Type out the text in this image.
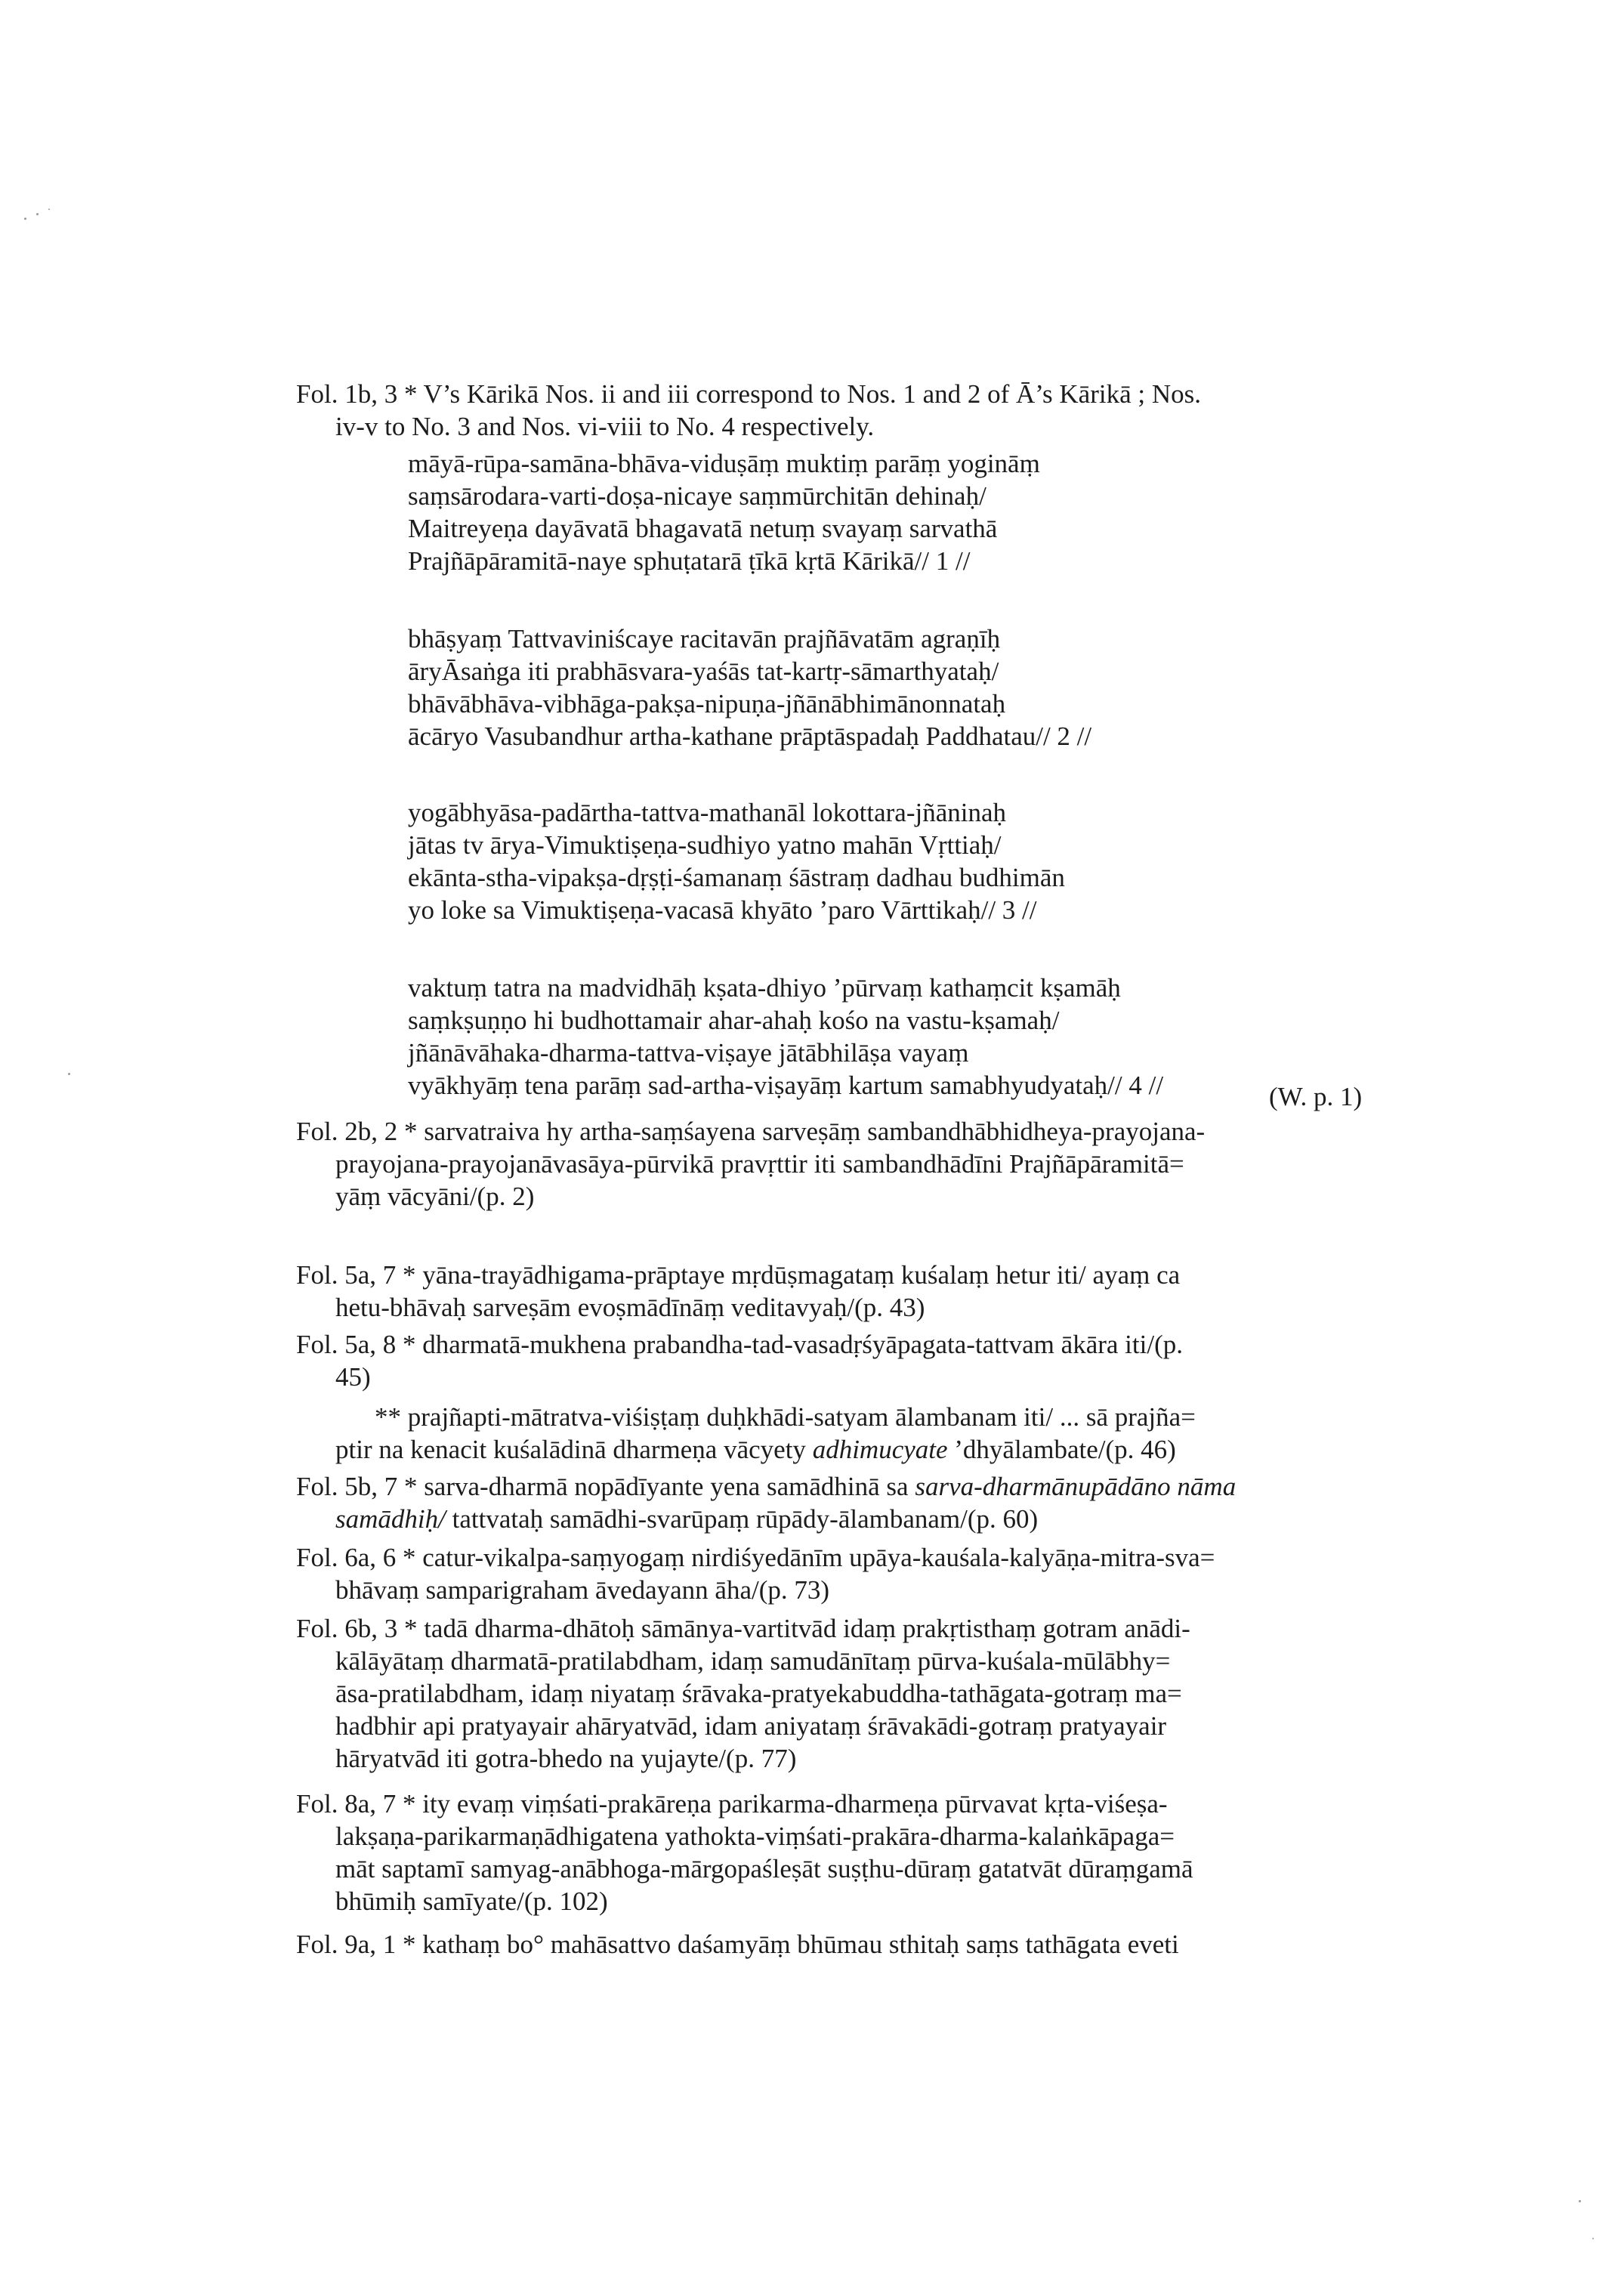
Fol. 1b, 3 * V’s Kārikā Nos. ii and iii correspond to Nos. 1 and 2 of Ā’s Kārikā ; Nos.
iv-v to No. 3 and Nos. vi-viii to No. 4 respectively.
māyā-rūpa-samāna-bhāva-viduṣāṃ muktiṃ parāṃ yogināṃ
saṃsārodara-varti-doṣa-nicaye saṃmūrchitān dehinaḥ/
Maitreyeṇa dayāvatā bhagavatā netuṃ svayaṃ sarvathā
Prajñāpāramitā-naye sphuṭatarā ṭīkā kṛtā Kārikā// 1 //
bhāṣyaṃ Tattvaviniścaye racitavān prajñāvatām agraṇīḥ
āryĀsaṅga iti prabhāsvara-yaśās tat-kartṛ-sāmarthyataḥ/
bhāvābhāva-vibhāga-pakṣa-nipuṇa-jñānābhimānonnataḥ
ācāryo Vasubandhur artha-kathane prāptāspadaḥ Paddhatau// 2 //
yogābhyāsa-padārtha-tattva-mathanāl lokottara-jñāninaḥ
jātas tv ārya-Vimuktiṣeṇa-sudhiyo yatno mahān Vṛttiaḥ/
ekānta-stha-vipakṣa-dṛṣṭi-śamanaṃ śāstraṃ dadhau budhimān
yo loke sa Vimuktiṣeṇa-vacasā khyāto ’paro Vārttikaḥ// 3 //
vaktuṃ tatra na madvidhāḥ kṣata-dhiyo ’pūrvaṃ kathaṃcit kṣamāḥ
saṃkṣuṇṇo hi budhottamair ahar-ahaḥ kośo na vastu-kṣamaḥ/
jñānāvāhaka-dharma-tattva-viṣaye jātābhilāṣa vayaṃ
vyākhyāṃ tena parāṃ sad-artha-viṣayāṃ kartum samabhyudyataḥ// 4 //	(W. p. 1)
Fol. 2b, 2 * sarvatraiva hy artha-saṃśayena sarveṣāṃ sambandhābhidheya-prayojana-
prayojana-prayojanāvasāya-pūrvikā pravṛttir iti sambandhādīni Prajñāpāramitā=
yāṃ vācyāni/(p. 2)
Fol. 5a, 7 * yāna-trayādhigama-prāptaye mṛdūṣmagataṃ kuśalaṃ hetur iti/ ayaṃ ca
hetu-bhāvaḥ sarveṣām evoṣmādīnāṃ veditavyaḥ/(p. 43)
Fol. 5a, 8 * dharmatā-mukhena prabandha-tad-vasadṛśyāpagata-tattvam ākāra iti/(p.
45)
** prajñapti-mātratva-viśiṣṭaṃ duḥkhādi-satyam ālambanam iti/ ... sā prajña=
ptir na kenacit kuśalādinā dharmeṇa vācyety adhimucyate ’dhyālambate/(p. 46)
Fol. 5b, 7 * sarva-dharmā nopādīyante yena samādhinā sa sarva-dharmānupādāno nāma
samādhiḥ/ tattvataḥ samādhi-svarūpaṃ rūpādy-ālambanam/(p. 60)
Fol. 6a, 6 * catur-vikalpa-saṃyogaṃ nirdiśyedānīm upāya-kauśala-kalyāṇa-mitra-sva=
bhāvaṃ samparigraham āvedayann āha/(p. 73)
Fol. 6b, 3 * tadā dharma-dhātoḥ sāmānya-vartitvād idaṃ prakṛtisthaṃ gotram anādi-
kālāyātaṃ dharmatā-pratilabdham, idaṃ samudānītaṃ pūrva-kuśala-mūlābhy=
āsa-pratilabdham, idaṃ niyataṃ śrāvaka-pratyekabuddha-tathāgata-gotraṃ ma=
hadbhir api pratyayair ahāryatvād, idam aniyataṃ śrāvakādi-gotraṃ pratyayair
hāryatvād iti gotra-bhedo na yujayte/(p. 77)
Fol. 8a, 7 * ity evaṃ viṃśati-prakāreṇa parikarma-dharmeṇa pūrvavat kṛta-viśeṣa-
lakṣaṇa-parikarmaṇādhigatena yathokta-viṃśati-prakāra-dharma-kalaṅkāpaga=
māt saptamī samyag-anābhoga-mārgopaśleṣāt suṣṭhu-dūraṃ gatatvāt dūraṃgamā
bhūmiḥ samīyate/(p. 102)
Fol. 9a, 1 * kathaṃ bo° mahāsattvo daśamyāṃ bhūmau sthitaḥ saṃs tathāgata eveti
